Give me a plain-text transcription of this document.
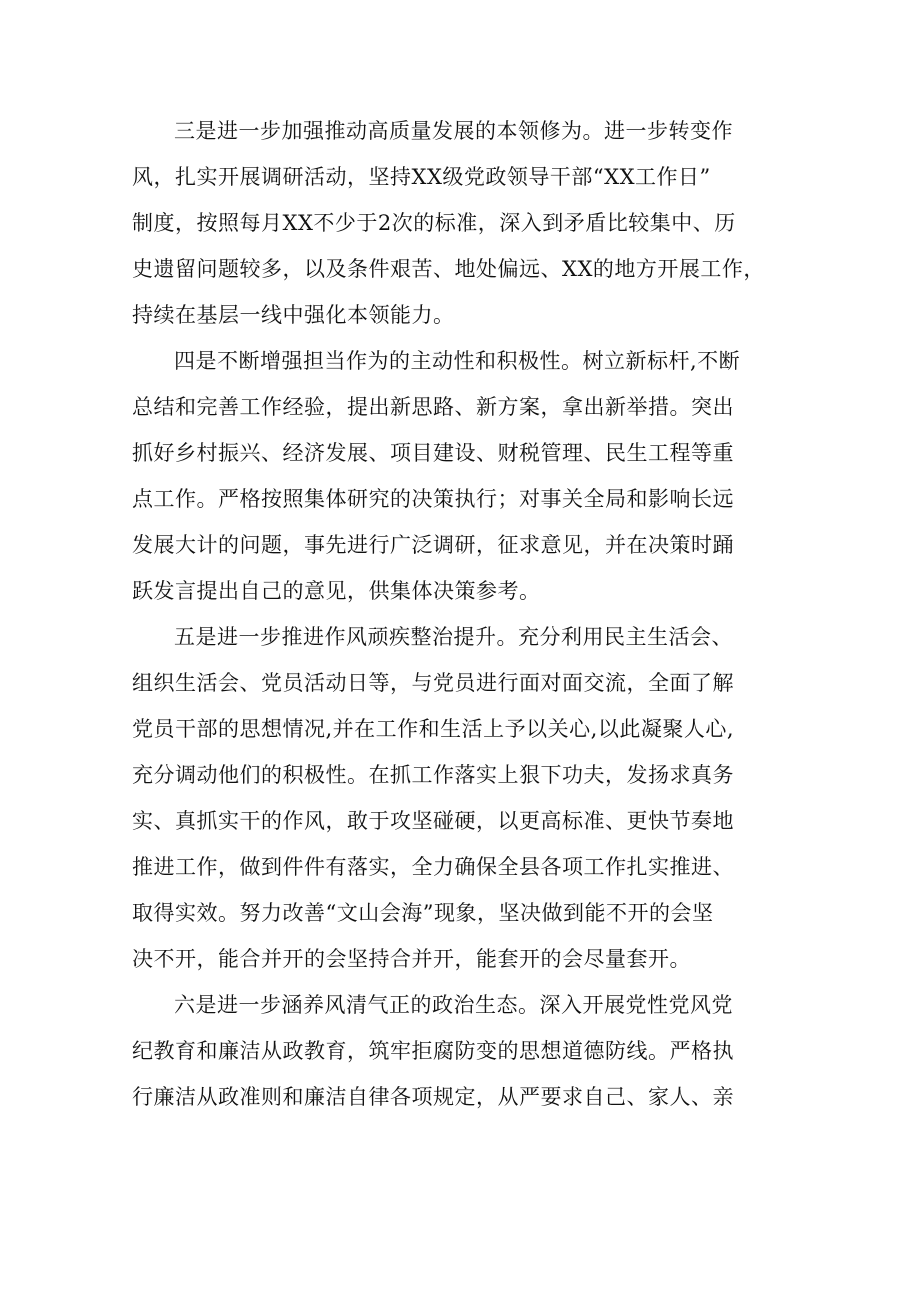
三是进一步加强推动高质量发展的本领修为。进一步转变作
风，扎实开展调研活动，坚持XX级党政领导干部“XX工作日”
制度，按照每月XX不少于2次的标准，深入到矛盾比较集中、历
史遗留问题较多，以及条件艰苦、地处偏远、XX的地方开展工作，
持续在基层一线中强化本领能力。

四是不断增强担当作为的主动性和积极性。树立新标杆,不断
总结和完善工作经验，提出新思路、新方案，拿出新举措。突出
抓好乡村振兴、经济发展、项目建设、财税管理、民生工程等重
点工作。严格按照集体研究的决策执行；对事关全局和影响长远
发展大计的问题，事先进行广泛调研，征求意见，并在决策时踊
跃发言提出自己的意见，供集体决策参考。

五是进一步推进作风顽疾整治提升。充分利用民主生活会、
组织生活会、党员活动日等，与党员进行面对面交流，全面了解
党员干部的思想情况,并在工作和生活上予以关心,以此凝聚人心,
充分调动他们的积极性。在抓工作落实上狠下功夫，发扬求真务
实、真抓实干的作风，敢于攻坚碰硬，以更高标准、更快节奏地
推进工作，做到件件有落实，全力确保全县各项工作扎实推进、
取得实效。努力改善“文山会海”现象，坚决做到能不开的会坚
决不开，能合并开的会坚持合并开，能套开的会尽量套开。

六是进一步涵养风清气正的政治生态。深入开展党性党风党
纪教育和廉洁从政教育，筑牢拒腐防变的思想道德防线。严格执
行廉洁从政准则和廉洁自律各项规定，从严要求自己、家人、亲
